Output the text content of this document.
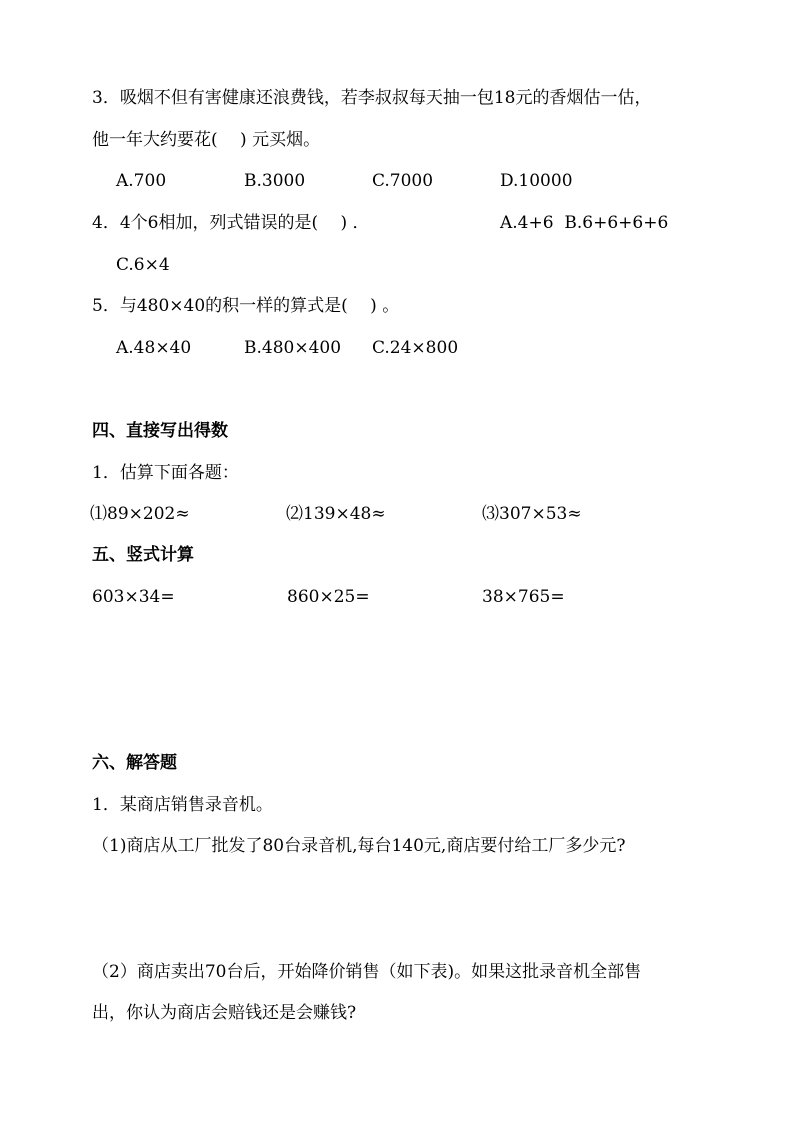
3．吸烟不但有害健康还浪费钱，若李叔叔每天抽一包18元的香烟估一估，
他一年大约要花(　 ) 元买烟。
A.700	B.3000	C.7000	D.10000
4．4个6相加，列式错误的是(　 ) ．	A.4+6  B.6+6+6+6
C.6×4
5．与480×40的积一样的算式是(　 ) 。
A.48×40	B.480×400 C.24×800
四、直接写出得数
1．估算下面各题：
⑴89×202≈	⑵139×48≈	⑶307×53≈
五、竖式计算
603×34=	860×25=	38×765=
六、解答题
1．某商店销售录音机。
（1)商店从工厂批发了80台录音机,每台140元,商店要付给工厂多少元?
（2）商店卖出70台后，开始降价销售（如下表)。如果这批录音机全部售
出，你认为商店会赔钱还是会赚钱?
